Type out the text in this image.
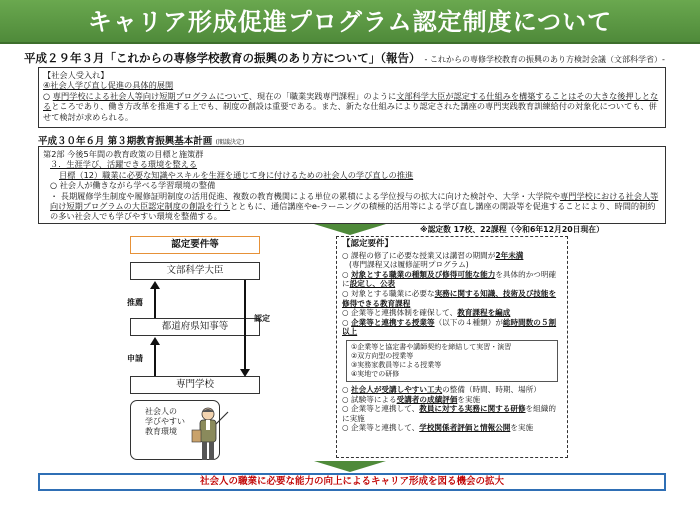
キャリア形成促進プログラム認定制度について
平成２９年３月「これからの専修学校教育の振興のあり方について」（報告） - これからの専修学校教育の振興のあり方検討会議（文部科学省）-
【社会人受入れ】
④社会人学び直し促進の具体的展開
○ 専門学校による社会人等向け短期プログラムについて、現在の「職業実践専門課程」のように文部科学大臣が認定する仕組みを構築することはその大きな後押しとなるところであり、働き方改革を推進する上でも、制度の創設は重要である。また、新たな仕組みにより認定された講座の専門実践教育訓練給付の対象化についても、併せて検討が求められる。
平成３０年６月 第３期教育振興基本計画 (閣議決定)
第2部 今後5年間の教育政策の目標と施策群
３．生涯学び、活躍できる環境を整える
目標（12）職業に必要な知識やスキルを生涯を通じて身に付けるための社会人の学び直しの推進
○ 社会人が働きながら学べる学習環境の整備
・ 長期履修学生制度や履修証明制度の活用促進、複数の教育機関による単位の累積による学位授与の拡大に向けた検討や、大学・大学院や専門学校における社会人等向け短期プログラムの大臣認定制度の創設を行うとともに、通信講座やe-ラーニングの積極的活用等による学び直し講座の開設等を促進することにより、時間的制約の多い社会人でも学びやすい環境を整備する。
※認定数 17校、22課程（令和6年12月20日現在）
認定要件等
文部科学大臣
都道府県知事等
専門学校
推薦
申請
認定
社会人の
学びやすい
教育環境
【認定要件】
○ 課程の修了に必要な授業又は講習の期間が2年未満
(専門課程又は履修証明プログラム)
○ 対象とする職業の種類及び修得可能な能力を具体的かつ明確に設定し、公表
○ 対象とする職業に必要な実務に関する知識、技術及び技能を修得できる教育課程
○ 企業等と連携体制を確保して、教育課程を編成
○ 企業等と連携する授業等（以下の４種類）が総時間数の５割以上
①企業等と協定書や講師契約を締結して実習・演習
②双方向型の授業等
③実務家教員等による授業等
④実地での研修
○ 社会人が受講しやすい工夫の整備（時間、時期、場所）
○ 試験等による受講者の成績評価を実施
○ 企業等と連携して、教員に対する実務に関する研修を組織的に実施
○ 企業等と連携して、学校関係者評価と情報公開を実施
社会人の職業に必要な能力の向上によるキャリア形成を図る機会の拡大
